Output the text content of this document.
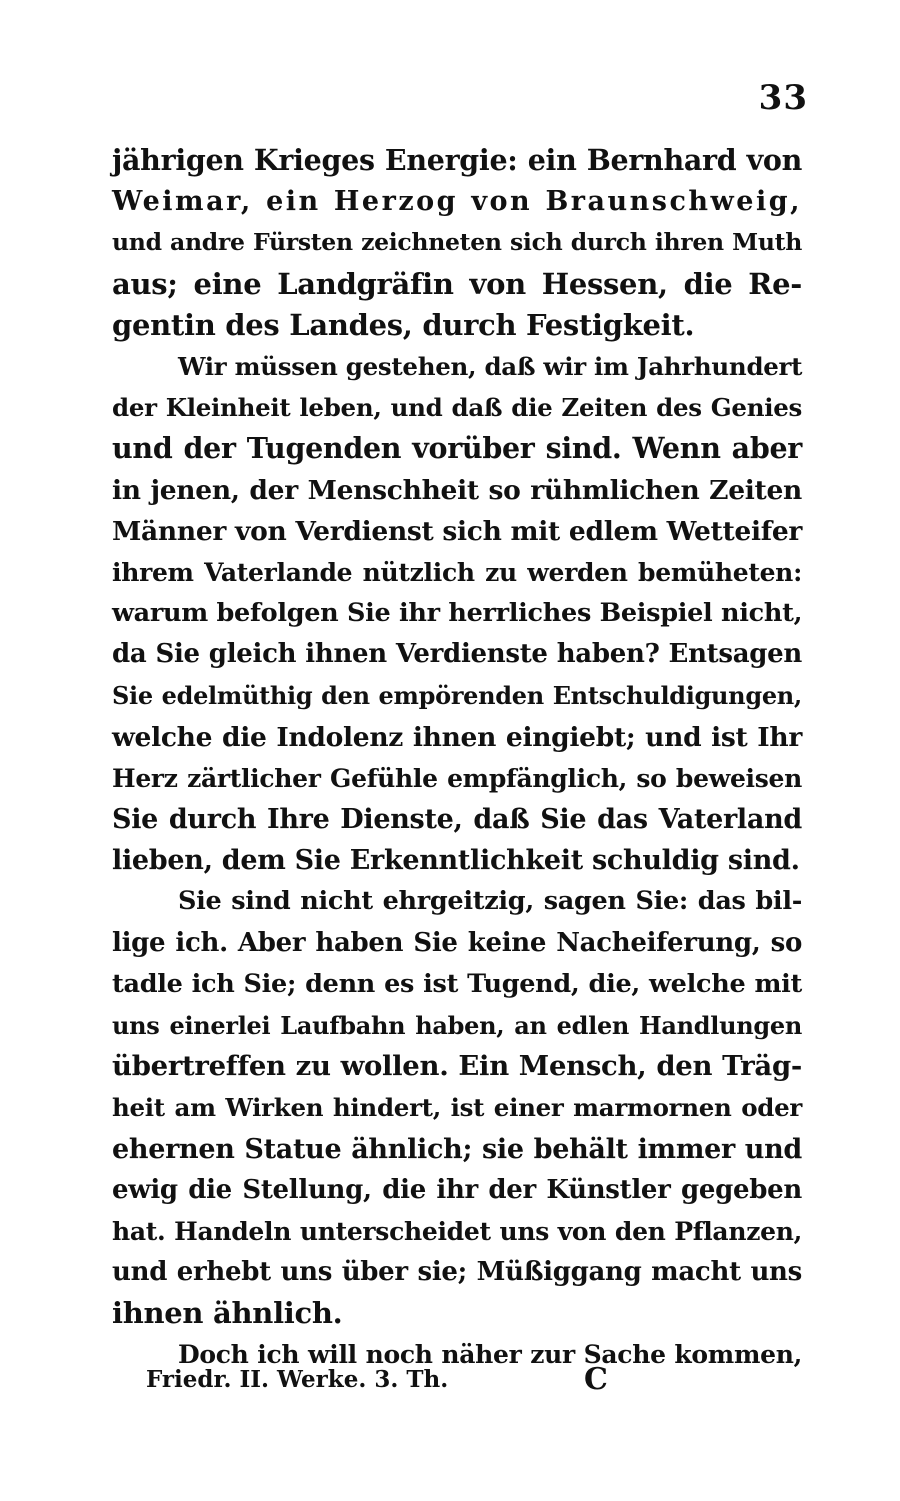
33
jährigen Krieges Energie: ein Bernhard von
Weimar, ein Herzog von Braunschweig,
und andre Fürsten zeichneten sich durch ihren Muth
aus; eine Landgräfin von Hessen, die Re-
gentin des Landes, durch Festigkeit.
Wir müssen gestehen, daß wir im Jahrhundert
der Kleinheit leben, und daß die Zeiten des Genies
und der Tugenden vorüber sind. Wenn aber
in jenen, der Menschheit so rühmlichen Zeiten
Männer von Verdienst sich mit edlem Wetteifer
ihrem Vaterlande nützlich zu werden bemüheten:
warum befolgen Sie ihr herrliches Beispiel nicht,
da Sie gleich ihnen Verdienste haben? Entsagen
Sie edelmüthig den empörenden Entschuldigungen,
welche die Indolenz ihnen eingiebt; und ist Ihr
Herz zärtlicher Gefühle empfänglich, so beweisen
Sie durch Ihre Dienste, daß Sie das Vaterland
lieben, dem Sie Erkenntlichkeit schuldig sind.
Sie sind nicht ehrgeitzig, sagen Sie: das bil-
lige ich. Aber haben Sie keine Nacheiferung, so
tadle ich Sie; denn es ist Tugend, die, welche mit
uns einerlei Laufbahn haben, an edlen Handlungen
übertreffen zu wollen. Ein Mensch, den Träg-
heit am Wirken hindert, ist einer marmornen oder
ehernen Statue ähnlich; sie behält immer und
ewig die Stellung, die ihr der Künstler gegeben
hat. Handeln unterscheidet uns von den Pflanzen,
und erhebt uns über sie; Müßiggang macht uns
ihnen ähnlich.
Doch ich will noch näher zur Sache kommen,
Friedr. II. Werke. 3. Th.	C
